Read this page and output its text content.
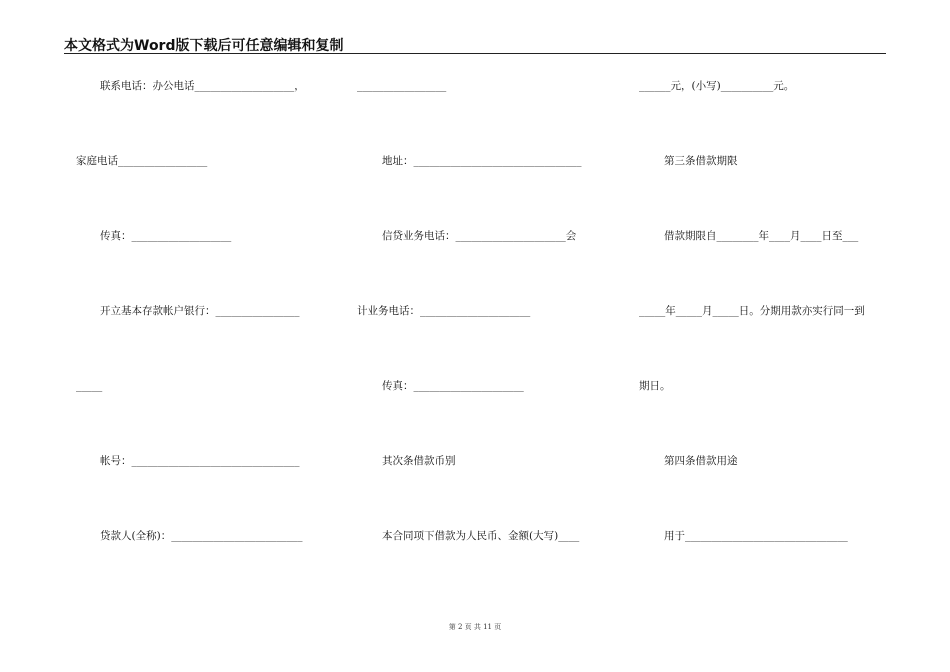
本文格式为Word版下载后可任意编辑和复制
联系电话：办公电话___________________，
家庭电话_________________
传真：___________________
开立基本存款帐户银行：________________
_____
帐号：________________________________
贷款人(全称)：_________________________
_________________
地址：________________________________
信贷业务电话：_____________________会
计业务电话：_____________________
传真：_____________________
其次条借款币别
本合同项下借款为人民币、金额(大写)____
______元，(小写)__________元。
第三条借款期限
借款期限自________年____月____日至___
_____年_____月_____日。分期用款亦实行同一到
期日。
第四条借款用途
用于_______________________________
第 2 页 共 11 页
